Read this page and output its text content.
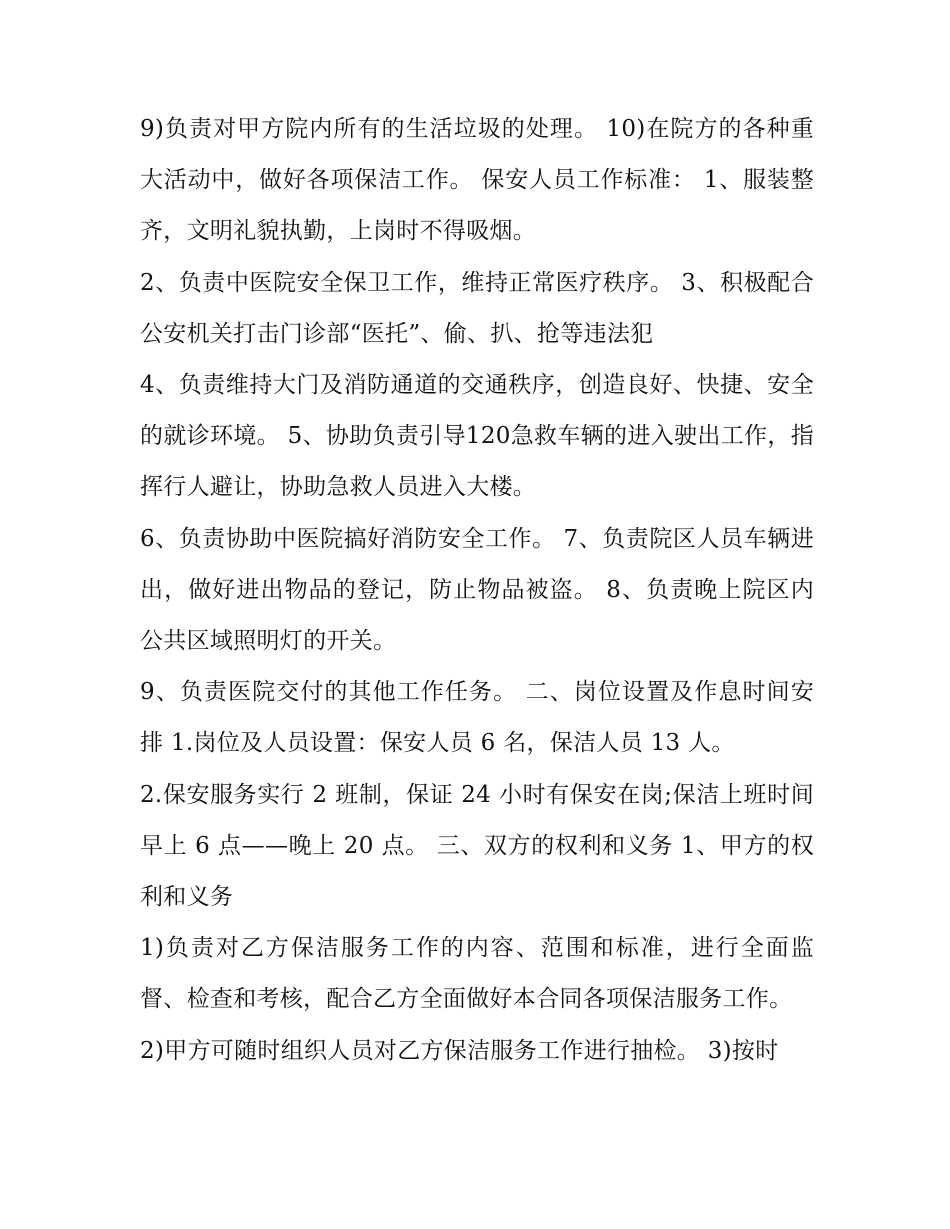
9)负责对甲方院内所有的生活垃圾的处理。 10)在院方的各种重大活动中，做好各项保洁工作。 保安人员工作标准： 1、服装整齐，文明礼貌执勤，上岗时不得吸烟。

2、负责中医院安全保卫工作，维持正常医疗秩序。 3、积极配合公安机关打击门诊部“医托”、偷、扒、抢等违法犯

4、负责维持大门及消防通道的交通秩序，创造良好、快捷、安全的就诊环境。 5、协助负责引导120急救车辆的进入驶出工作，指挥行人避让，协助急救人员进入大楼。

6、负责协助中医院搞好消防安全工作。 7、负责院区人员车辆进出，做好进出物品的登记，防止物品被盗。 8、负责晚上院区内公共区域照明灯的开关。

9、负责医院交付的其他工作任务。 二、岗位设置及作息时间安排 1.岗位及人员设置：保安人员 6 名，保洁人员 13 人。

2.保安服务实行 2 班制，保证 24 小时有保安在岗;保洁上班时间早上 6 点——晚上 20 点。 三、双方的权利和义务 1、甲方的权利和义务

1)负责对乙方保洁服务工作的内容、范围和标准，进行全面监督、检查和考核，配合乙方全面做好本合同各项保洁服务工作。

2)甲方可随时组织人员对乙方保洁服务工作进行抽检。 3)按时
